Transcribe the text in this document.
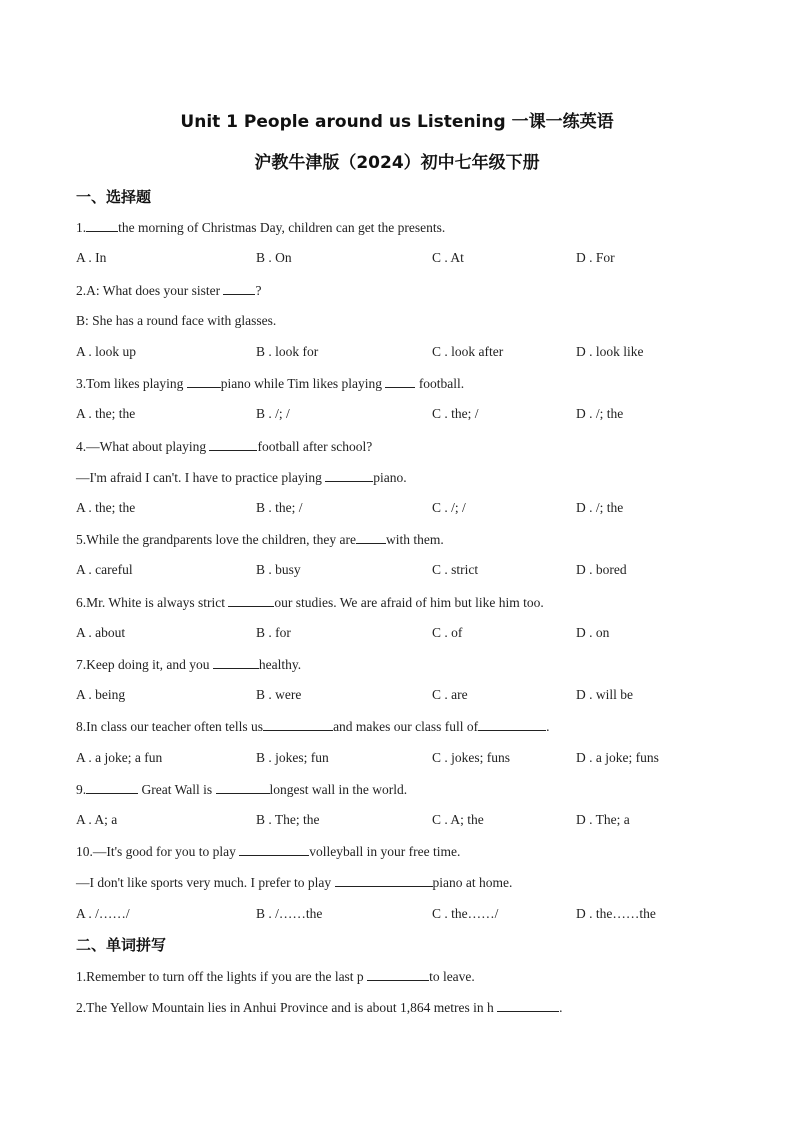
Unit 1 People around us Listening 一课一练英语
沪教牛津版（2024）初中七年级下册
一、选择题
1. the morning of Christmas Day, children can get the presents.
A . In	B . On	C . At	D . For
2.A: What does your sister ?
B: She has a round face with glasses.
A . look up	B . look for	C . look after	D . look like
3.Tom likes playing	piano while Tim likes playing  football.
A . the; the	B . /; /	C . the; /	D . /; the
4.—What about playing	football after school?
—I'm afraid I can't. I have to practice playing	piano.
A . the; the	B . the; /	C . /; /	D . /; the
5.While the grandparents love the children, they are with them.
A . careful	B . busy	C . strict	D . bored
6.Mr. White is always strict	our studies. We are afraid of him but like him too.
A . about	B . for	C . of	D . on
7.Keep doing it, and you	healthy.
A . being	B . were	C . are	D . will be
8.In class our teacher often tells us	and makes our class full of	.
A . a joke; a fun	B . jokes; fun	C . jokes; funs	D . a joke; funs
9.	Great Wall is	longest wall in the world.
A . A; a	B . The; the	C . A; the	D . The; a
10.—It's good for you to play	volleyball in your free time.
—I don't like sports very much. I prefer to play	piano at home.
A . /……/	B . /……the	C . the……/	D . the……the
二、单词拼写
1.Remember to turn off the lights if you are the last p	to leave.
2.The Yellow Mountain lies in Anhui Province and is about 1,864 metres in h	.
